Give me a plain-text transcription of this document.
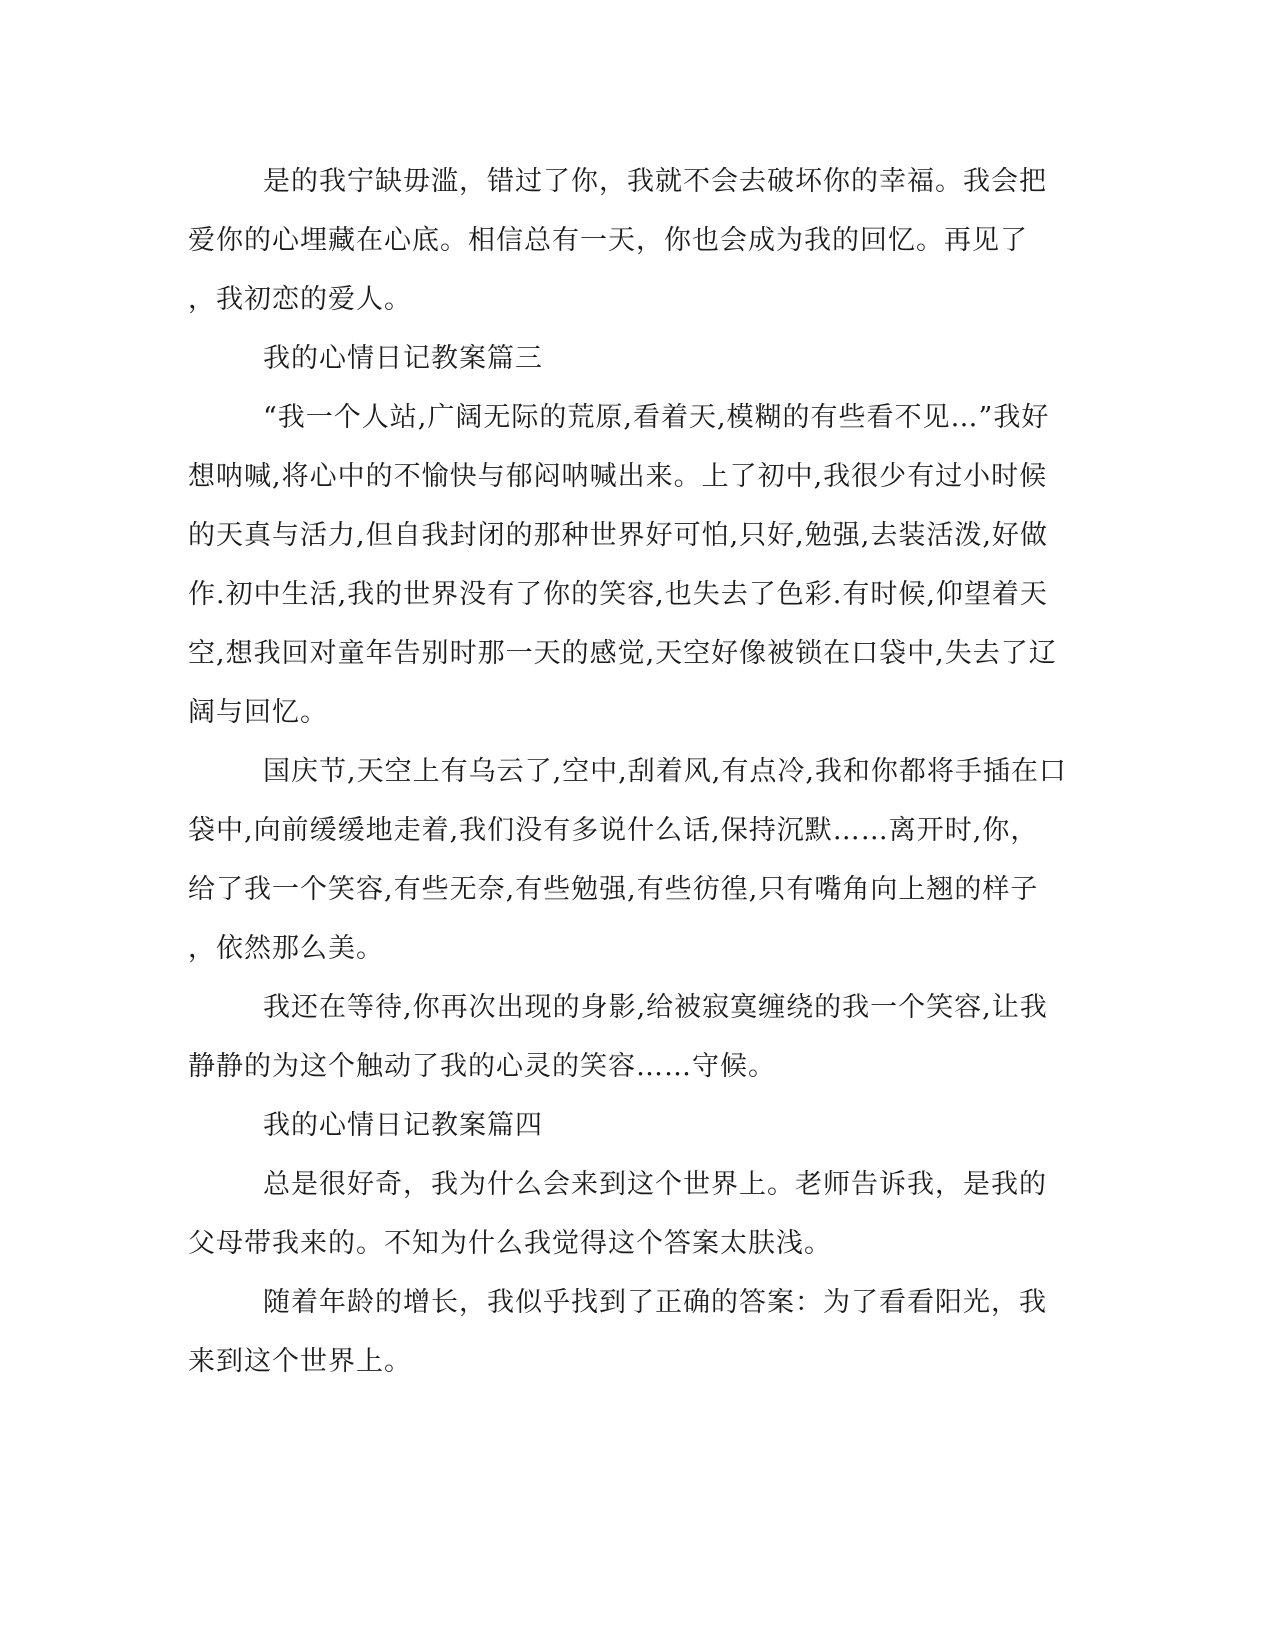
是的我宁缺毋滥，错过了你，我就不会去破坏你的幸福。我会把
爱你的心埋藏在心底。相信总有一天，你也会成为我的回忆。再见了
，我初恋的爱人。
我的心情日记教案篇三
“我一个人站,广阔无际的荒原,看着天,模糊的有些看不见…”我好
想呐喊,将心中的不愉快与郁闷呐喊出来。上了初中,我很少有过小时候
的天真与活力,但自我封闭的那种世界好可怕,只好,勉强,去装活泼,好做
作.初中生活,我的世界没有了你的笑容,也失去了色彩.有时候,仰望着天
空,想我回对童年告别时那一天的感觉,天空好像被锁在口袋中,失去了辽
阔与回忆。
国庆节,天空上有乌云了,空中,刮着风,有点冷,我和你都将手插在口
袋中,向前缓缓地走着,我们没有多说什么话,保持沉默……离开时,你，
给了我一个笑容,有些无奈,有些勉强,有些彷徨,只有嘴角向上翘的样子
，依然那么美。
我还在等待,你再次出现的身影,给被寂寞缠绕的我一个笑容,让我
静静的为这个触动了我的心灵的笑容……守候。
我的心情日记教案篇四
总是很好奇，我为什么会来到这个世界上。老师告诉我，是我的
父母带我来的。不知为什么我觉得这个答案太肤浅。
随着年龄的增长，我似乎找到了正确的答案：为了看看阳光，我
来到这个世界上。
